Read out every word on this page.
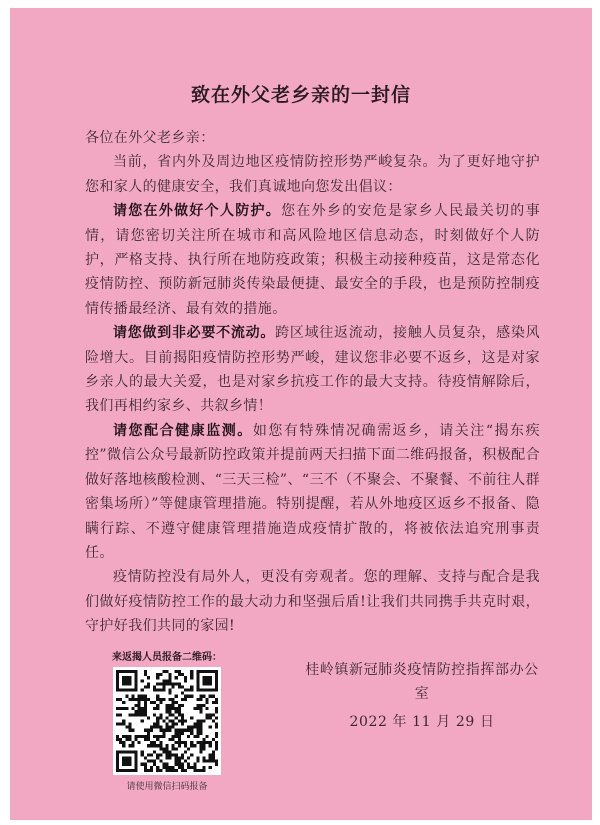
致在外父老乡亲的一封信

各位在外父老乡亲：

当前，省内外及周边地区疫情防控形势严峻复杂。为了更好地守护您和家人的健康安全，我们真诚地向您发出倡议：

请您在外做好个人防护。您在外乡的安危是家乡人民最关切的事情，请您密切关注所在城市和高风险地区信息动态，时刻做好个人防护，严格支持、执行所在地防疫政策；积极主动接种疫苗，这是常态化疫情防控、预防新冠肺炎传染最便捷、最安全的手段，也是预防控制疫情传播最经济、最有效的措施。

请您做到非必要不流动。跨区域往返流动，接触人员复杂，感染风险增大。目前揭阳疫情防控形势严峻，建议您非必要不返乡，这是对家乡亲人的最大关爱，也是对家乡抗疫工作的最大支持。待疫情解除后，我们再相约家乡、共叙乡情！

请您配合健康监测。如您有特殊情况确需返乡，请关注“揭东疾控”微信公众号最新防控政策并提前两天扫描下面二维码报备，积极配合做好落地核酸检测、“三天三检”、“三不（不聚会、不聚餐、不前往人群密集场所）”等健康管理措施。特别提醒，若从外地疫区返乡不报备、隐瞒行踪、不遵守健康管理措施造成疫情扩散的，将被依法追究刑事责任。

疫情防控没有局外人，更没有旁观者。您的理解、支持与配合是我们做好疫情防控工作的最大动力和坚强后盾!让我们共同携手共克时艰，守护好我们共同的家园!

来返揭人员报备二维码：
请使用微信扫码报备
桂岭镇新冠肺炎疫情防控指挥部办公室
2022 年 11 月 29 日
